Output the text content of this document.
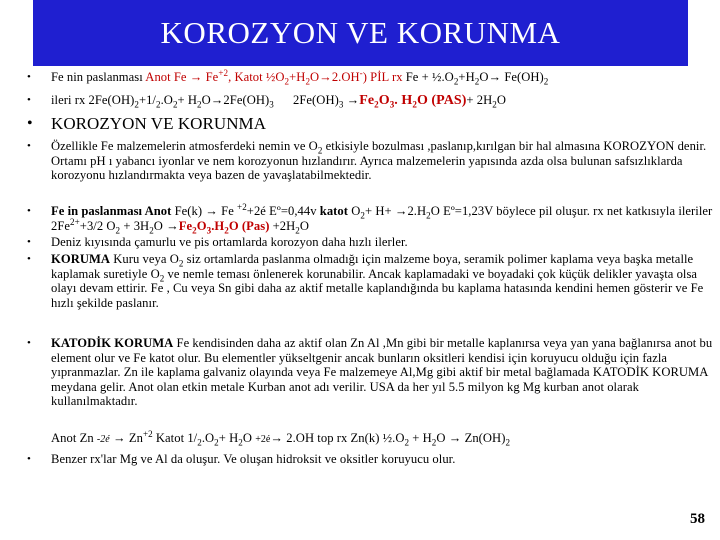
KOROZYON VE KORUNMA
• Fe nin paslanması Anot $Fe \to Fe^{+2}$, Katot $\frac{1}{2}O_2+H_2O\to 2.OH^-$) PİL rx $Fe + \frac{1}{2}.O_2+H_2O\to Fe(OH)_2$
• ileri rx $2Fe(OH)_2+1/_2.O_2+ H_2O\to 2Fe(OH)_3$      $2Fe(OH)_3 \to Fe_2O_3$. $H_2O$ $(PAS)+ 2H_2O$
• KOROZYON VE KORUNMA
• Özellikle Fe malzemelerin atmosferdeki nemin ve $O_2$ etkisiyle bozulması ,paslanıp,kırılgan bir hal almasına KOROZYON denir. Ortamı pH ı yabancı iyonlar ve nem korozyonun hızlandırır. Ayrıca malzemelerin yapısında azda olsa bulunan safsızlıklarda korozyonu hızlandırmakta veya bazen de yavaşlatabilmektedir.
• Fe in paslanması Anot Fe(k) → Fe $^{+2}$+2é Eº=0,44v katot $O_2+ H+ \to 2.H_2O$ Eº=1,23V böylece pil oluşur. rx net katkısıyla ileriler $2Fe^{2+}+3/2$ $O_2 + 3H_2O \to Fe_2O_3.H_2O$ $(Pas) +2H_2O$
• Deniz kıyısında çamurlu ve pis ortamlarda korozyon daha hızlı ilerler.
• KORUMA Kuru veya $O_2$ siz ortamlarda paslanma olmadığı için malzeme boya, seramik polimer kaplama veya başka metalle kaplamak suretiyle $O_2$ ve nemle teması önlenerek korunabilir. Ancak kaplamadaki ve boyadaki çok küçük delikler yavaşta olsa olayı devam ettirir. Fe , Cu veya Sn gibi daha az aktif metalle kaplandığında bu kaplama hatasında kendini hemen gösterir ve Fe hızlı şekilde paslanır.
• KATODİK KORUMA Fe kendisinden daha az aktif olan Zn Al ,Mn gibi bir metalle kaplanırsa veya yan yana bağlanırsa anot bu element olur ve Fe katot olur. Bu elementler yükseltgenir ancak bunların oksitleri kendisi için koruyucu olduğu için fazla yıpranmazlar. Zn ile kaplama galvaniz olayında veya Fe malzemeye Al,Mg gibi aktif bir metal bağlamada KATODİK KORUMA meydana gelir. Anot olan etkin metale Kurban anot adı verilir. USA da her yıl 5.5 milyon kg Mg kurban anot olarak kullanılmaktadır.
Anot Zn -2é → $Zn^{+2}$ Katot $1/_2.O_2+ H_2O$ +2é→ 2.OH top rx Zn(k) $\frac{1}{2}.O_2 + H_2O \to Zn(OH)_2$
• Benzer rx'lar Mg ve Al da oluşur. Ve oluşan hidroksit ve oksitler koruyucu olur.
58
